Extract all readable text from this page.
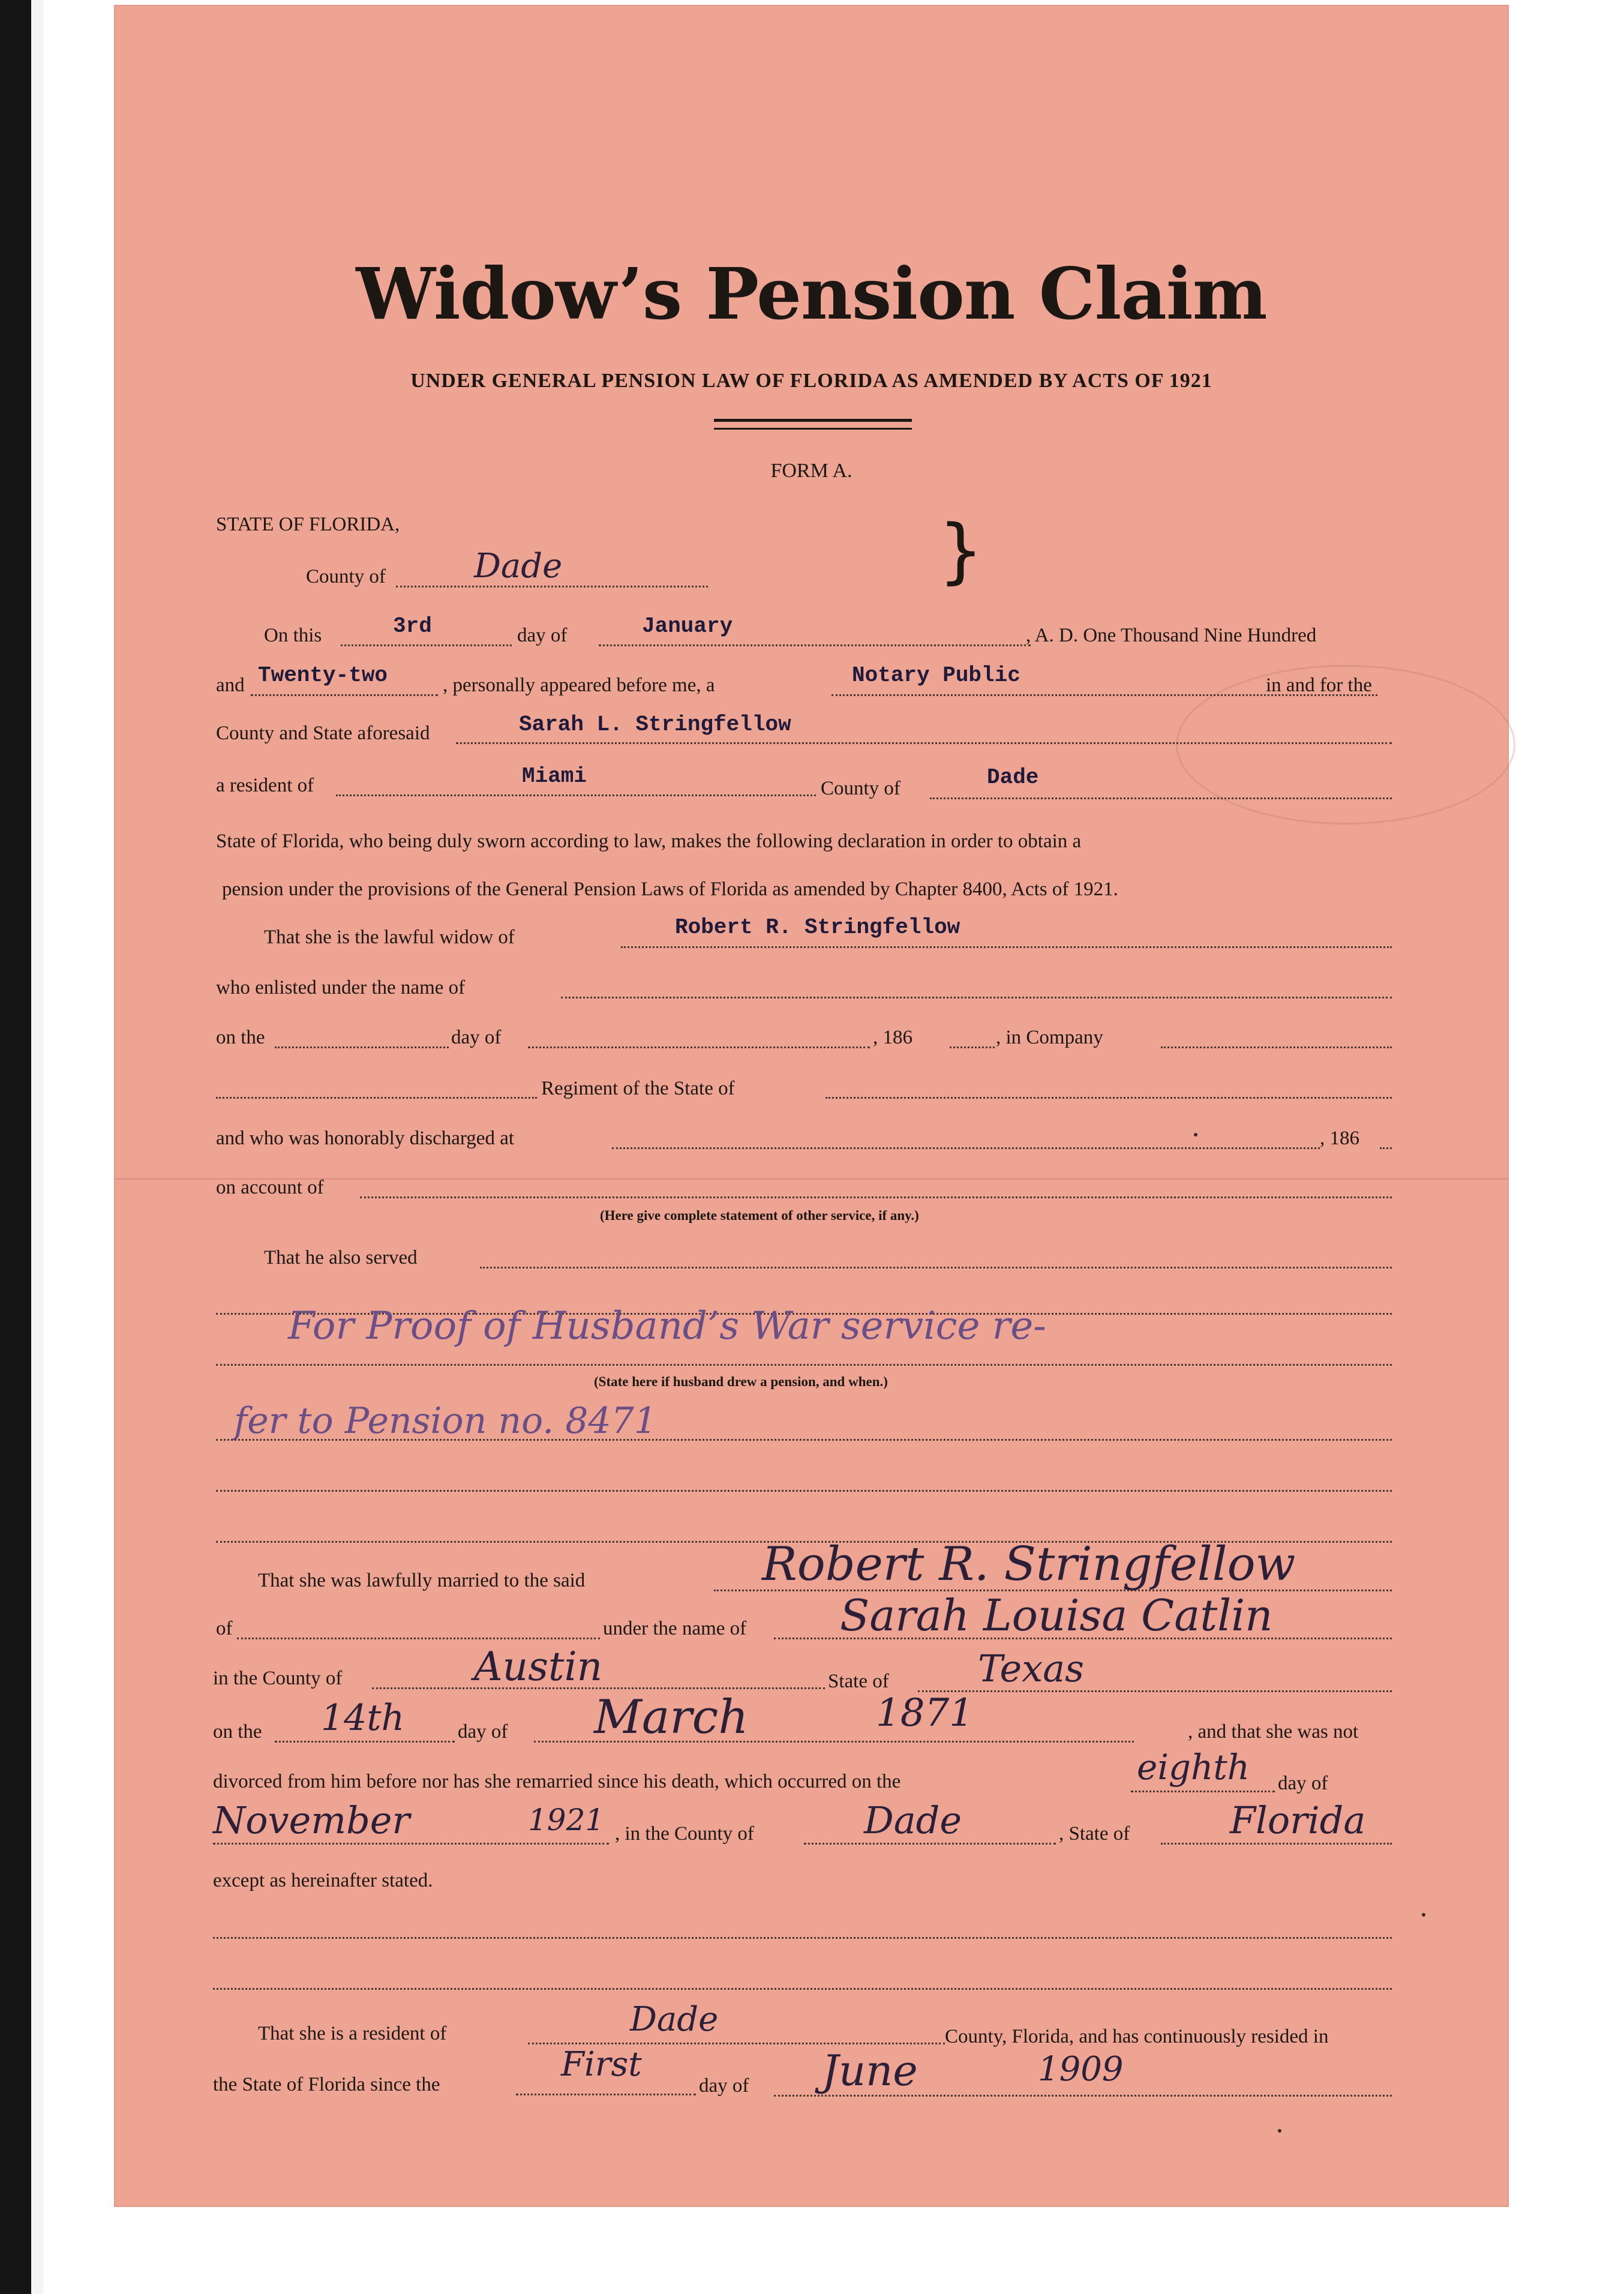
Widow’s Pension Claim
UNDER GENERAL PENSION LAW OF FLORIDA AS AMENDED BY ACTS OF 1921
FORM A.
STATE OF FLORIDA,
County of	Dade	}
On this	3rd	day of	January	, A. D. One Thousand Nine Hundred
and Twenty-two	, personally appeared before me, a	Notary Public	in and for the
County and State aforesaid	Sarah L. Stringfellow
a resident of	Miami	County of	Dade
State of Florida, who being duly sworn according to law, makes the following declaration in order to obtain a
pension under the provisions of the General Pension Laws of Florida as amended by Chapter 8400, Acts of 1921.
That she is the lawful widow of	Robert R. Stringfellow
who enlisted under the name of
on the	day of	, 186	, in Company
Regiment of the State of
and who was honorably discharged at	, 186
on account of
(Here give complete statement of other service, if any.)
That he also served
For Proof of Husband’s War service re-
(State here if husband drew a pension, and when.)
fer to Pension no. 8471
That she was lawfully married to the said	Robert R. Stringfellow
of	under the name of Sarah Louisa Catlin
in the County of	Austin	State of Texas
on the 14th	day of March	1871	, and that she was not
divorced from him before nor has she remarried since his death, which occurred on the	eighth day of
November	1921 , in the County of	Dade	, State of	Florida
except as hereinafter stated.
That she is a resident of	Dade	County, Florida, and has continuously resided in
the State of Florida since the
First
day of June	1909
